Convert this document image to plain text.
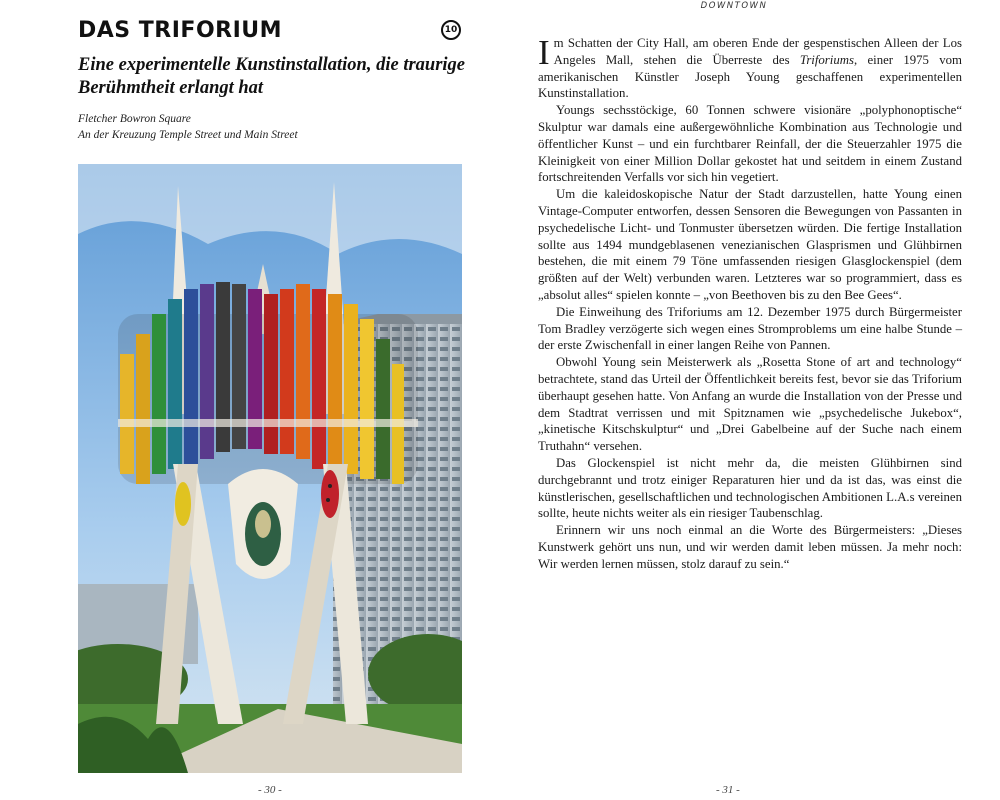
DAS TRIFORIUM	10
Eine experimentelle Kunstinstallation, die traurige Berühmtheit erlangt hat
Fletcher Bowron Square
An der Kreuzung Temple Street und Main Street
- 30 -
DOWNTOWN

Im Schatten der City Hall, am oberen Ende der gespenstischen Alleen der Los Angeles Mall, stehen die Überreste des Triforiums, einer 1975 vom amerikanischen Künstler Joseph Young geschaffenen experimentellen Kunstinstallation.

Youngs sechsstöckige, 60 Tonnen schwere visionäre „polyphonoptische“ Skulptur war damals eine außergewöhnliche Kombination aus Technologie und öffentlicher Kunst – und ein furchtbarer Reinfall, der die Steuerzahler 1975 die Kleinigkeit von einer Million Dollar gekostet hat und seitdem in einem Zustand fortschreitenden Verfalls vor sich hin vegetiert.

Um die kaleidoskopische Natur der Stadt darzustellen, hatte Young einen Vintage-Computer entworfen, dessen Sensoren die Bewegungen von Passanten in psychedelische Licht- und Tonmuster übersetzen würden. Die fertige Installation sollte aus 1494 mundgeblasenen venezianischen Glasprismen und Glühbirnen bestehen, die mit einem 79 Töne umfassenden riesigen Glasglockenspiel (dem größten auf der Welt) verbunden waren. Letzteres war so programmiert, dass es „absolut alles“ spielen konnte – „von Beethoven bis zu den Bee Gees“.

Die Einweihung des Triforiums am 12. Dezember 1975 durch Bürgermeister Tom Bradley verzögerte sich wegen eines Stromproblems um eine halbe Stunde – der erste Zwischenfall in einer langen Reihe von Pannen.

Obwohl Young sein Meisterwerk als „Rosetta Stone of art and technology“ betrachtete, stand das Urteil der Öffentlichkeit bereits fest, bevor sie das Triforium überhaupt gesehen hatte. Von Anfang an wurde die Installation von der Presse und dem Stadtrat verrissen und mit Spitznamen wie „psychedelische Jukebox“, „kinetische Kitschskulptur“ und „Drei Gabelbeine auf der Suche nach einem Truthahn“ versehen.

Das Glockenspiel ist nicht mehr da, die meisten Glühbirnen sind durchgebrannt und trotz einiger Reparaturen hier und da ist das, was einst die künstlerischen, gesellschaftlichen und technologischen Ambitionen L.A.s vereinen sollte, heute nichts weiter als ein riesiger Taubenschlag.

Erinnern wir uns noch einmal an die Worte des Bürgermeisters: „Dieses Kunstwerk gehört uns nun, und wir werden damit leben müssen. Ja mehr noch: Wir werden lernen müssen, stolz darauf zu sein.“

- 31 -
